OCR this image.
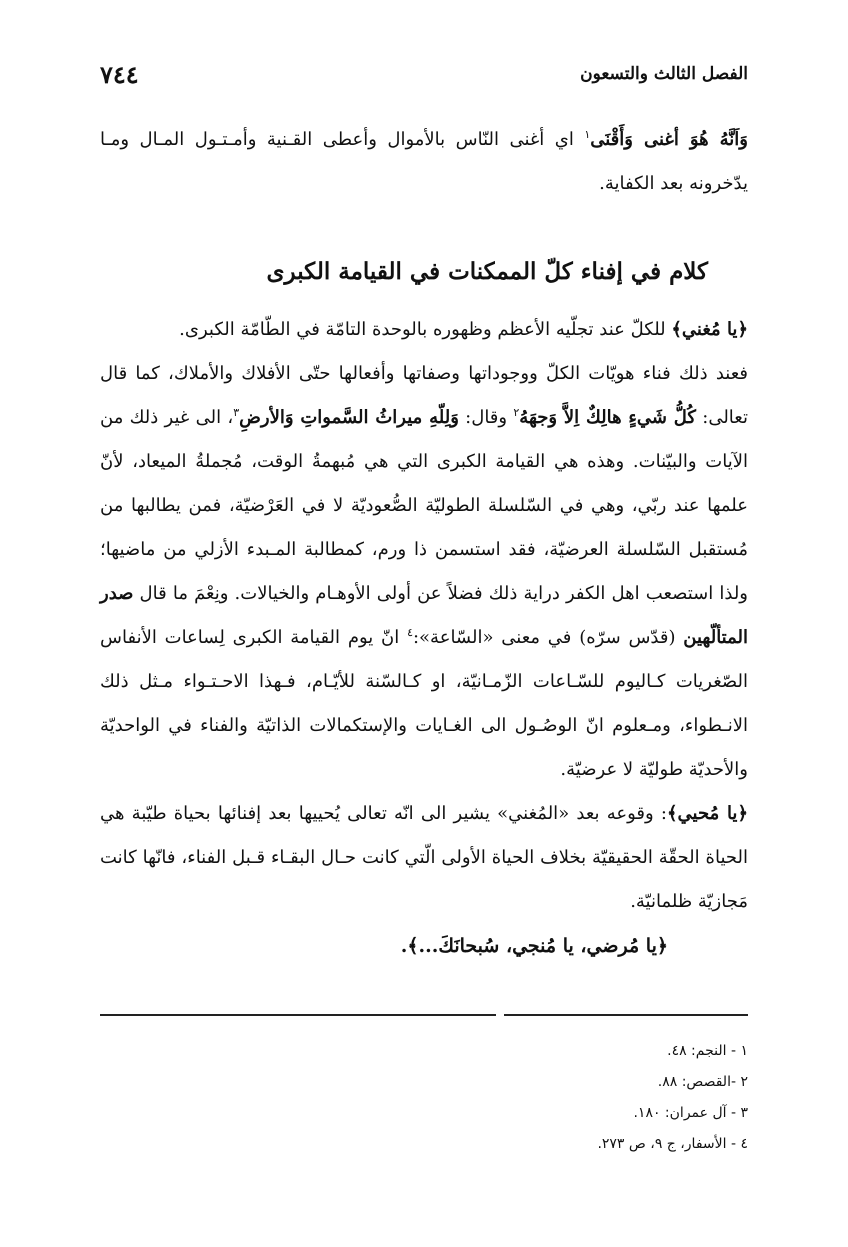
الفصل الثالث والتسعون
٧٤٤
وَاَنَّهُ هُوَ أغنى وَأَقْنَى$^١$ اي أغنى النّاس بالأموال وأعطى القـنية وأمـتـول المـال ومـا يدّخرونه بعد الكفاية.
كلام في إفناء كلّ الممكنات في القيامة الكبرى

﴿يا مُغني﴾ للكلّ عند تجلّيه الأعظم وظهوره بالوحدة التامّة في الطّامّة الكبرى.

فعند ذلك فناء هويّات الكلّ ووجوداتها وصفاتها وأفعالها حتّى الأفلاك والأملاك، كما قال تعالى: كُلُّ شَيءٍ هالِكٌ اِلاَّ وَجهَهُ$^٢$ وقال: وَلِلّهِ ميراثُ السَّمواتِ وَالأرضِ$^٣$، الى غير ذلك من الآيات والبيّنات. وهذه هي القيامة الكبرى التي هي مُبهمةُ الوقت، مُجملةُ الميعاد، لأنّ علمها عند ربّي، وهي في السّلسلة الطوليّة الصُّعوديّة لا في العَرْضيّة، فمن يطالبها من مُستقبل السّلسلة العرضيّة، فقد استسمن ذا ورم، كمطالبة المـبدء الأزلي من ماضيها؛ ولذا استصعب اهل الكفر دراية ذلك فضلاً عن أولى الأوهـام والخيالات. ونِعْمَ ما قال صدر المتألّهين (قدّس سرّه) في معنى «السّاعة»:$^٤$ انّ يوم القيامة الكبرى لِساعات الأنفاس الصّغريات كـاليوم للسّـاعات الزّمـانيّة، او كـالسّنة للأيّـام، فـهذا الاحـتـواء مـثل ذلك الانـطواء، ومـعلوم انّ الوصُـول الى الغـايات والإستكمالات الذاتيّة والفناء في الواحديّة والأحديّة طوليّة لا عرضيّة.

﴿يا مُحيي﴾: وقوعه بعد «المُغني» يشير الى انّه تعالى يُحييها بعد إفنائها بحياة طيّبة هي الحياة الحقّة الحقيقيّة بخلاف الحياة الأولى الّتي كانت حـال البقـاء قـبل الفناء، فانّها كانت مَجازيّة ظلمانيّة.

﴿يا مُرضي، يا مُنجي، سُبحانَكَ...﴾.

١ - النجم: ٤٨.
٢ -القصص: ٨٨.
٣ - آل عمران: ١٨٠.
٤ - الأسفار، ج ٩، ص ٢٧٣.
